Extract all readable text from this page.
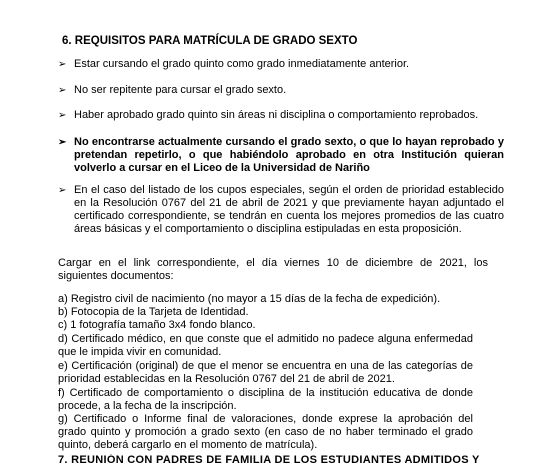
6. REQUISITOS PARA MATRÍCULA DE GRADO SEXTO
➢ Estar cursando el grado quinto como grado inmediatamente anterior.
➢ No ser repitente para cursar el grado sexto.
➢ Haber aprobado grado quinto sin áreas ni disciplina o comportamiento reprobados.
➢ No encontrarse actualmente cursando el grado sexto, o que lo hayan reprobado y pretendan repetirlo, o que habiéndolo aprobado en otra Institución quieran volverlo a cursar en el Liceo de la Universidad de Nariño
➢ En el caso del listado de los cupos especiales, según el orden de prioridad establecido en la Resolución 0767 del 21 de abril de 2021 y que previamente hayan adjuntado el certificado correspondiente, se tendrán en cuenta los mejores promedios de las cuatro áreas básicas y el comportamiento o disciplina estipuladas en esta proposición.
Cargar en el link correspondiente, el día viernes 10 de diciembre de 2021, los siguientes documentos:
a) Registro civil de nacimiento (no mayor a 15 días de la fecha de expedición).
b) Fotocopia de la Tarjeta de Identidad.
c) 1 fotografía tamaño 3x4 fondo blanco.
d) Certificado médico, en que conste que el admitido no padece alguna enfermedad que le impida vivir en comunidad.
e) Certificación (original) de que el menor se encuentra en una de las categorías de prioridad establecidas en la Resolución 0767 del 21 de abril de 2021.
f) Certificado de comportamiento o disciplina de la institución educativa de donde procede, a la fecha de la inscripción.
g) Certificado o Informe final de valoraciones, donde exprese la aprobación del grado quinto y promoción a grado sexto (en caso de no haber terminado el grado quinto, deberá cargarlo en el momento de matrícula).
7. REUNIÓN CON PADRES DE FAMILIA DE LOS ESTUDIANTES ADMITIDOS Y
